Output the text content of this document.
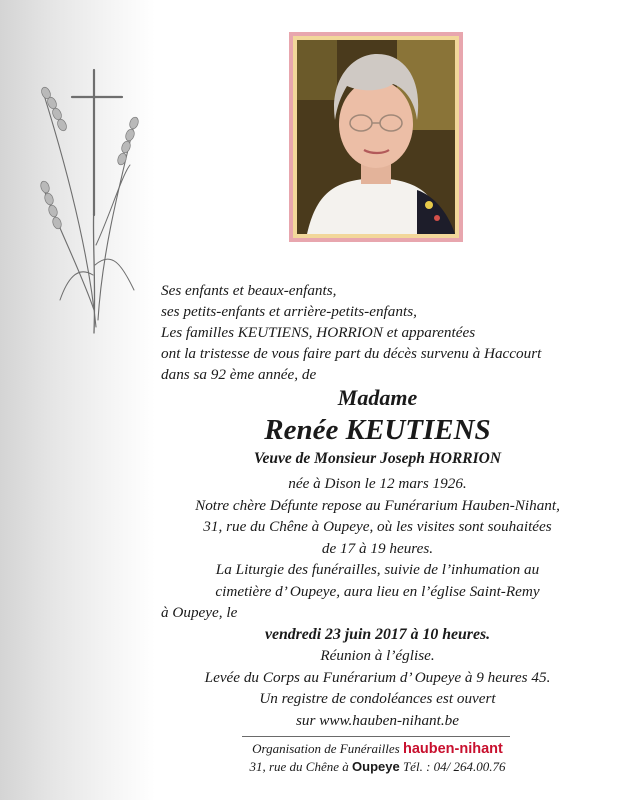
Ses enfants et beaux-enfants,
ses petits-enfants et arrière-petits-enfants,
Les familles KEUTIENS, HORRION et apparentées
ont la tristesse de vous faire part du décès survenu à Haccourt
dans sa 92 ème année, de
Madame
Renée KEUTIENS
Veuve de Monsieur Joseph HORRION
née à Dison le 12 mars 1926.
Notre chère Défunte repose au Funérarium Hauben-Nihant,
31, rue du Chêne à Oupeye, où les visites sont souhaitées
de 17 à 19 heures.
La Liturgie des funérailles, suivie de l’inhumation au
cimetière d’ Oupeye, aura lieu en l’église Saint-Remy
à Oupeye, le
vendredi 23 juin 2017 à 10 heures.
Réunion à l’église.
Levée du Corps au Funérarium d’ Oupeye à 9 heures 45.
Un registre de condoléances est ouvert
sur www.hauben-nihant.be
Organisation de Funérailles hauben-nihant
31, rue du Chêne à Oupeye Tél. : 04/ 264.00.76
